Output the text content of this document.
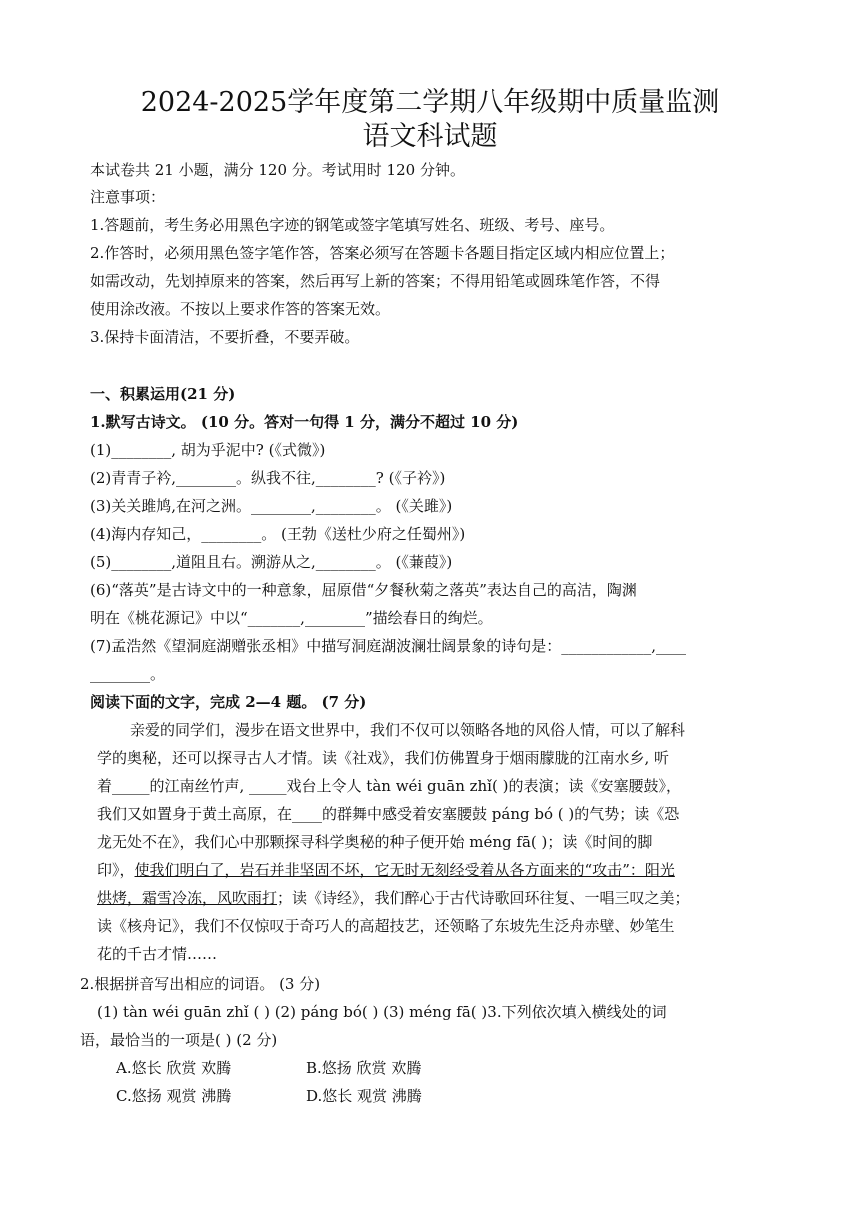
2024-2025学年度第二学期八年级期中质量监测
语文科试题
本试卷共 21 小题，满分 120 分。考试用时 120 分钟。
注意事项：
1.答题前，考生务必用黑色字迹的钢笔或签字笔填写姓名、班级、考号、座号。
2.作答时，必须用黑色签字笔作答，答案必须写在答题卡各题目指定区域内相应位置上；
如需改动，先划掉原来的答案，然后再写上新的答案；不得用铅笔或圆珠笔作答，不得
使用涂改液。不按以上要求作答的答案无效。
3.保持卡面清洁，不要折叠，不要弄破。
一、积累运用(21 分)
1.默写古诗文。 (10 分。答对一句得 1 分，满分不超过 10 分)
(1)________, 胡为乎泥中? (《式微》)
(2)青青子衿,________。纵我不往,________? (《子衿》)
(3)关关雎鸠,在河之洲。________,________。 (《关雎》)
(4)海内存知己，________。 (王勃《送杜少府之任蜀州》)
(5)________,道阻且右。溯游从之,________。 (《蒹葭》)
(6)“落英”是古诗文中的一种意象，屈原借“夕餐秋菊之落英”表达自己的高洁，陶渊
明在《桃花源记》中以“_______,________”描绘春日的绚烂。
(7)孟浩然《望洞庭湖赠张丞相》中描写洞庭湖波澜壮阔景象的诗句是：____________,____
________。
阅读下面的文字，完成 2—4 题。 (7 分)
亲爱的同学们，漫步在语文世界中，我们不仅可以领略各地的风俗人情，可以了解科
学的奥秘，还可以探寻古人才情。读《社戏》，我们仿佛置身于烟雨朦胧的江南水乡, 听
着_____的江南丝竹声, _____戏台上令人 tàn wéi guān zhǐ( )的表演；读《安塞腰鼓》，
我们又如置身于黄土高原，在____的群舞中感受着安塞腰鼓 páng bó ( )的气势；读《恐
龙无处不在》，我们心中那颗探寻科学奥秘的种子便开始 méng fā( )；读《时间的脚
印》，使我们明白了，岩石并非坚固不坏，它无时无刻经受着从各方面来的“攻击”：阳光
烘烤，霜雪冷冻，风吹雨打；读《诗经》，我们醉心于古代诗歌回环往复、一唱三叹之美；
读《核舟记》，我们不仅惊叹于奇巧人的高超技艺，还领略了东坡先生泛舟赤壁、妙笔生
花的千古才情……
2.根据拼音写出相应的词语。 (3 分)
(1) tàn wéi guān zhǐ ( ) (2) páng bó( ) (3) méng fā( )3.下列依次填入横线处的词
语，最恰当的一项是( ) (2 分)
A.悠长 欣赏 欢腾	B.悠扬 欣赏 欢腾
C.悠扬 观赏 沸腾	D.悠长 观赏 沸腾
